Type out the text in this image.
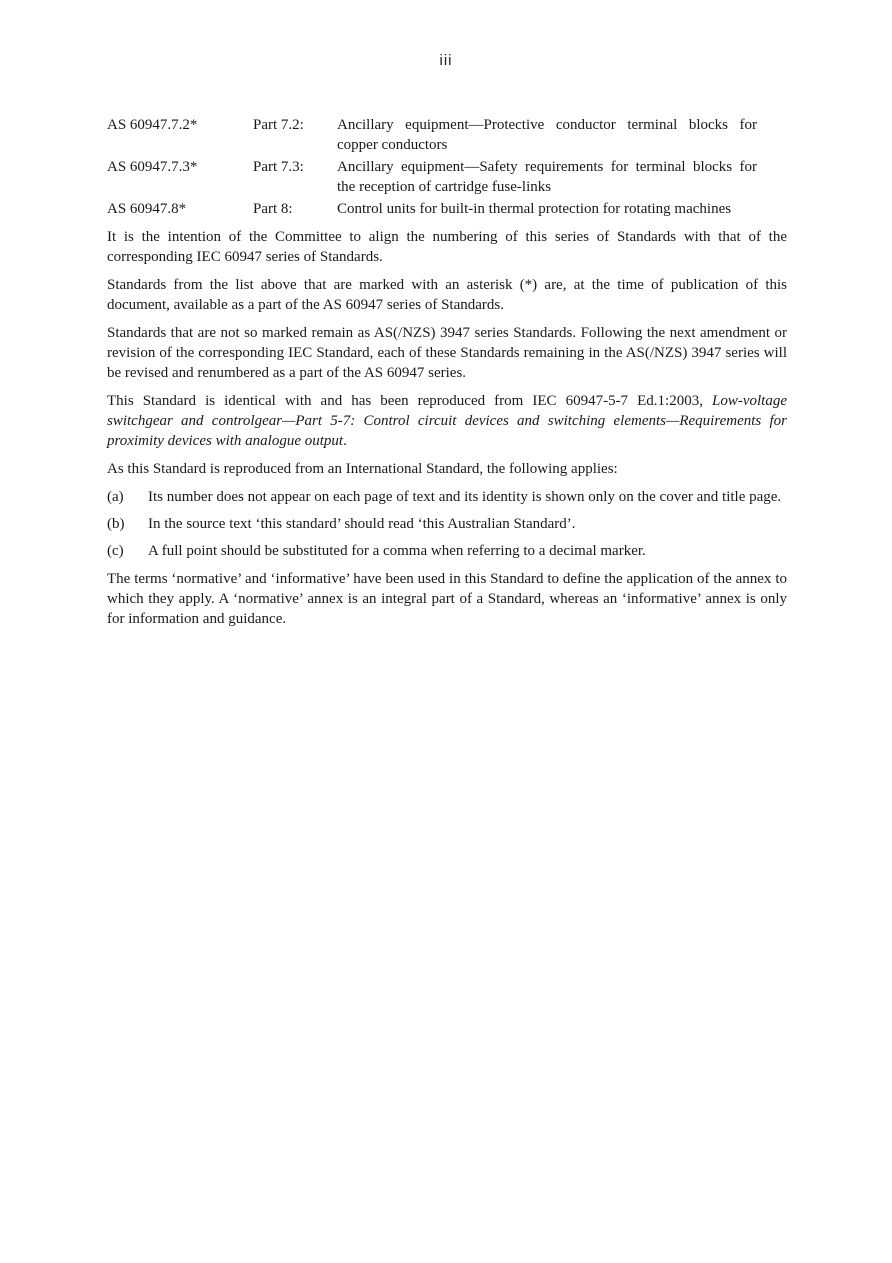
iii
AS 60947.7.2*	Part 7.2:	Ancillary equipment—Protective conductor terminal blocks for copper conductors
AS 60947.7.3*	Part 7.3:	Ancillary equipment—Safety requirements for terminal blocks for the reception of cartridge fuse-links
AS 60947.8*	Part 8:	Control units for built-in thermal protection for rotating machines

It is the intention of the Committee to align the numbering of this series of Standards with that of the corresponding IEC 60947 series of Standards.

Standards from the list above that are marked with an asterisk (*) are, at the time of publication of this document, available as a part of the AS 60947 series of Standards.

Standards that are not so marked remain as AS(/NZS) 3947 series Standards. Following the next amendment or revision of the corresponding IEC Standard, each of these Standards remaining in the AS(/NZS) 3947 series will be revised and renumbered as a part of the AS 60947 series.

This Standard is identical with and has been reproduced from IEC 60947-5-7 Ed.1:2003, Low-voltage switchgear and controlgear—Part 5-7: Control circuit devices and switching elements—Requirements for proximity devices with analogue output.

As this Standard is reproduced from an International Standard, the following applies:

(a)	Its number does not appear on each page of text and its identity is shown only on the cover and title page.
(b)	In the source text ‘this standard’ should read ‘this Australian Standard’.
(c)	A full point should be substituted for a comma when referring to a decimal marker.

The terms ‘normative’ and ‘informative’ have been used in this Standard to define the application of the annex to which they apply. A ‘normative’ annex is an integral part of a Standard, whereas an ‘informative’ annex is only for information and guidance.
